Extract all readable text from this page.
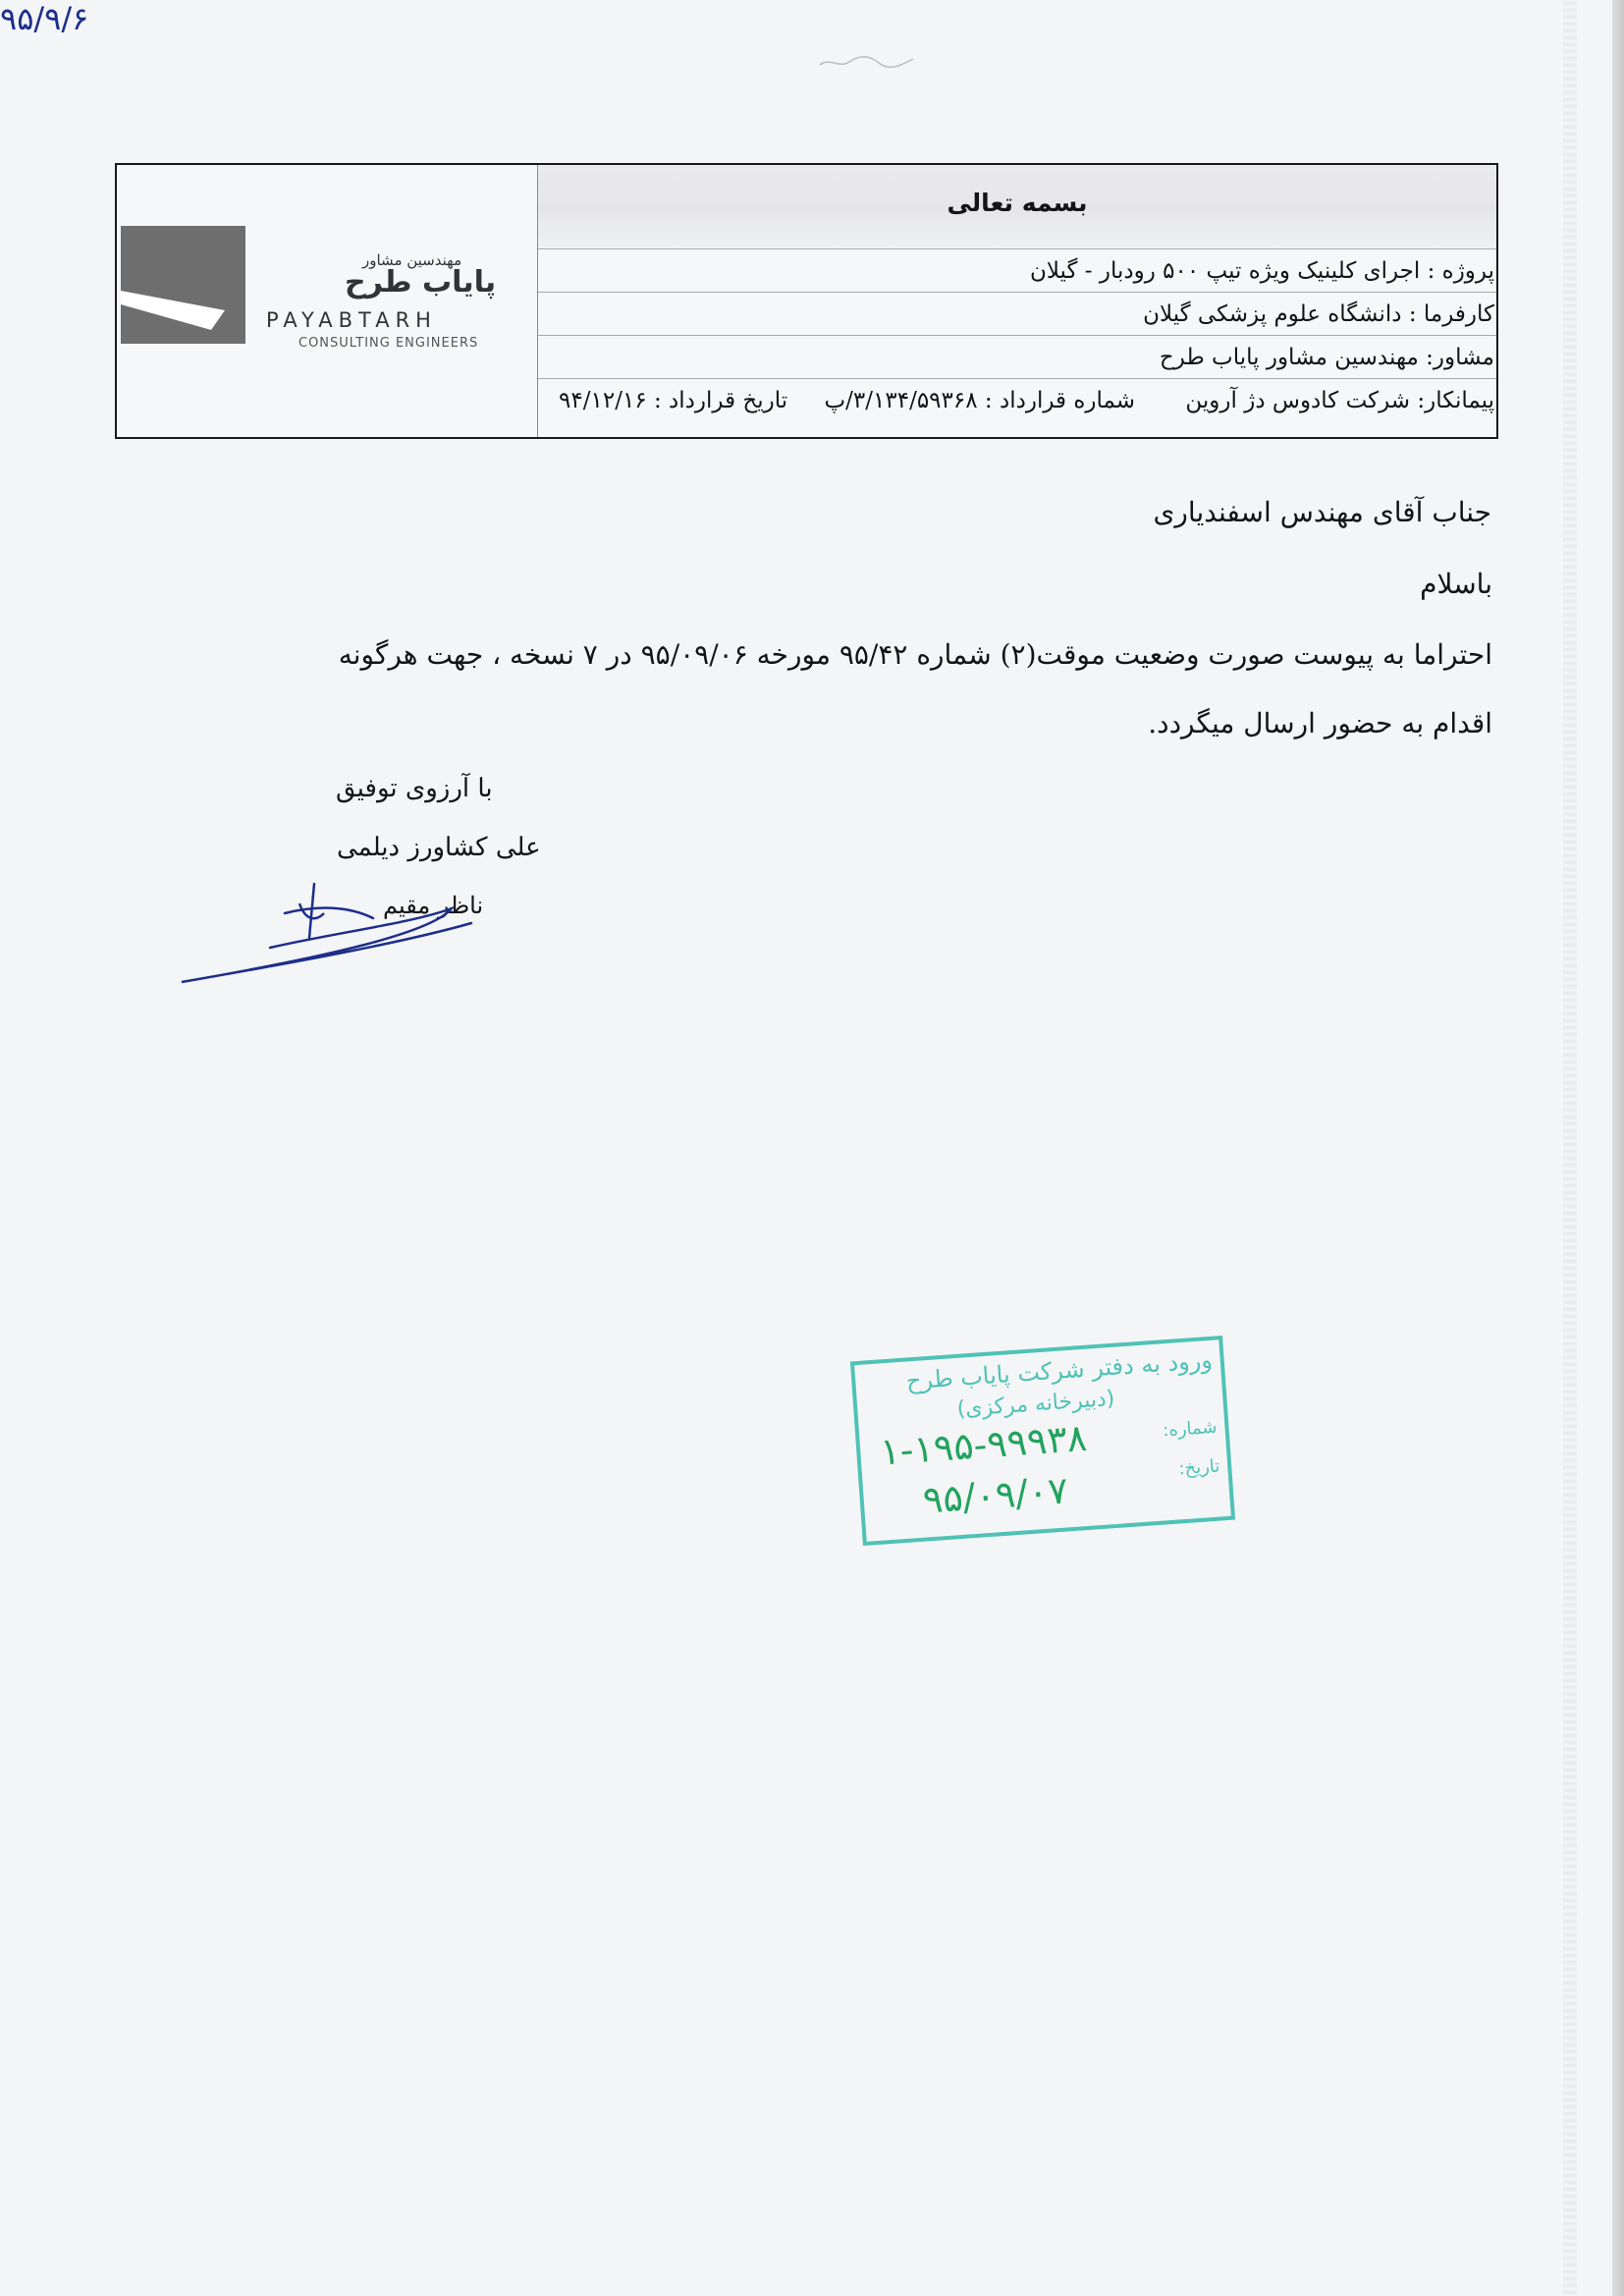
مهندسین مشاور
پایاب طرح
PAYABTARH
CONSULTING ENGINEERS
بسمه تعالی
پروژه : اجرای کلینیک ویژه تیپ ۵۰۰ رودبار - گیلان
کارفرما : دانشگاه علوم پزشکی گیلان
مشاور: مهندسین مشاور پایاب طرح
پیمانکار: شرکت کادوس دژ آروین شماره قرارداد : ۳/۱۳۴/۵۹۳۶۸/پ تاریخ قرارداد : ۹۴/۱۲/۱۶
جناب آقای مهندس اسفندیاری
باسلام
احتراما به پیوست صورت وضعیت موقت(۲) شماره ۹۵/۴۲ مورخه ۹۵/۰۹/۰۶ در ۷ نسخه ، جهت هرگونه
اقدام به حضور ارسال میگردد.
با آرزوی توفیق
علی کشاورز دیلمی
ناظر مقیم
۹۵/۹/۶
ورود به دفتر شرکت پایاب طرح
(دبیرخانه مرکزی)
شماره:
تاریخ:
۱-۱۹۵-۹۹۹۳۸
۹۵/۰۹/۰۷
